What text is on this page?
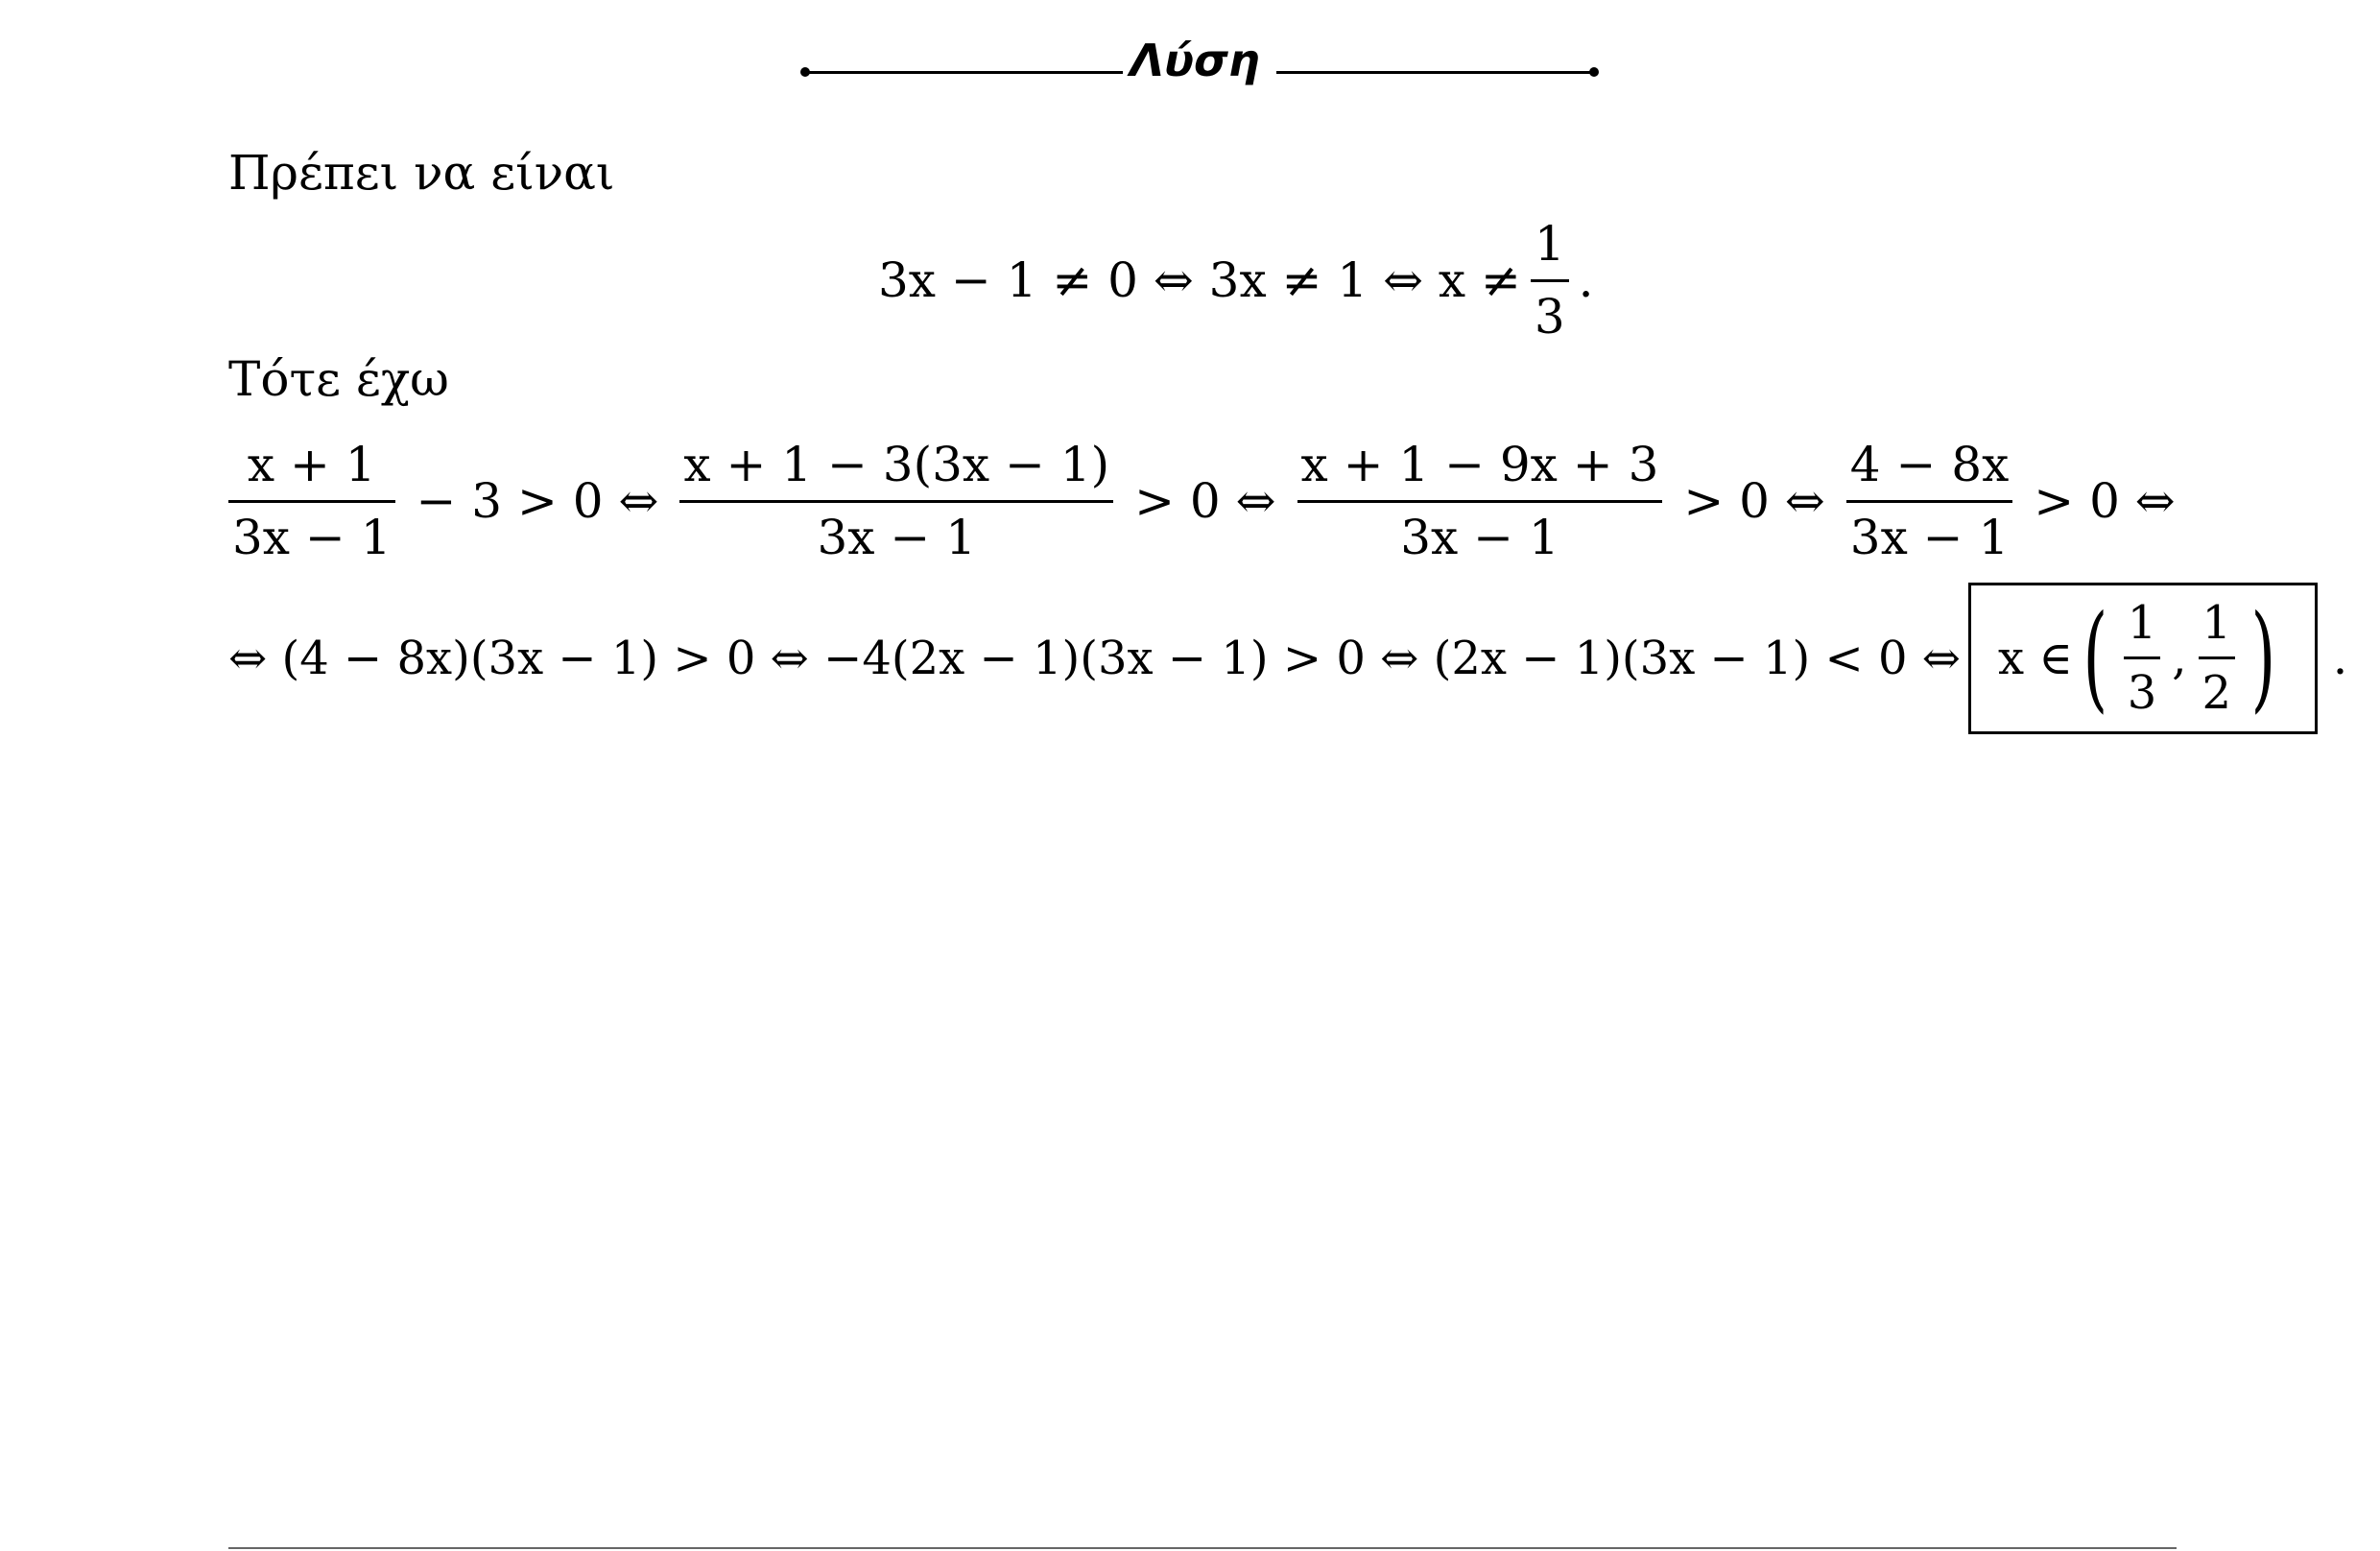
Λύση
Πρέπει να είναι
3x − 1 ≠ 0 ⇔ 3x ≠ 1 ⇔ $x \ne \frac{1}{3}$ .
Τότε έχω
$\frac{x + 1}{3x - 1} - 3 > 0$ ⇔ $\frac{x + 1 - 3(3x - 1)}{3x - 1} > 0$ ⇔ $\frac{x + 1 - 9x + 3}{3x - 1} > 0$ ⇔ $\frac{4 - 8x}{3x - 1} > 0$ ⇔
⇔ (4 − 8x)(3x − 1) > 0 ⇔ −4(2x − 1)(3x − 1) > 0 ⇔ (2x − 1)(3x − 1) < 0 ⇔ x ∈ ( $\frac{1}{3}$ , $\frac{1}{2}$ ) .
